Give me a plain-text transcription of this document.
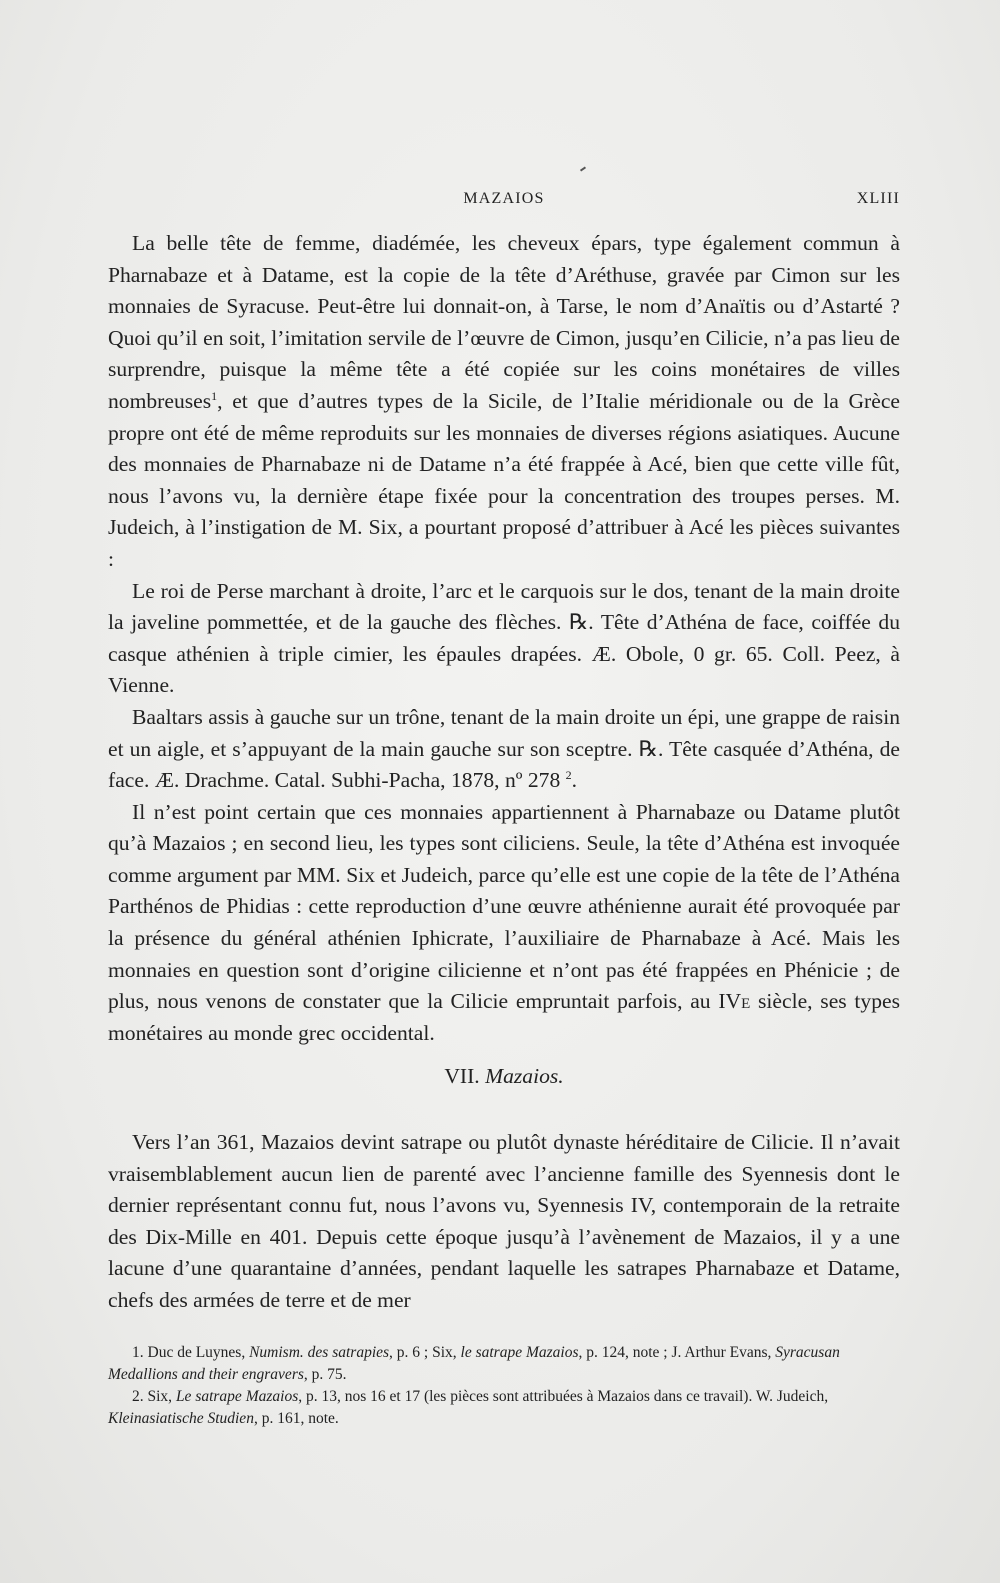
MAZAIOS	XLIII

La belle tête de femme, diadémée, les cheveux épars, type également commun à Pharnabaze et à Datame, est la copie de la tête d’Aréthuse, gravée par Cimon sur les monnaies de Syracuse. Peut-être lui donnait-on, à Tarse, le nom d’Anaïtis ou d’Astarté ? Quoi qu’il en soit, l’imitation servile de l’œuvre de Cimon, jusqu’en Cilicie, n’a pas lieu de surprendre, puisque la même tête a été copiée sur les coins monétaires de villes nombreuses$^1$, et que d’autres types de la Sicile, de l’Italie méridionale ou de la Grèce propre ont été de même reproduits sur les monnaies de diverses régions asiatiques. Aucune des monnaies de Pharnabaze ni de Datame n’a été frappée à Acé, bien que cette ville fût, nous l’avons vu, la dernière étape fixée pour la concentration des troupes perses. M. Judeich, à l’instigation de M. Six, a pourtant proposé d’attribuer à Acé les pièces suivantes :

Le roi de Perse marchant à droite, l’arc et le carquois sur le dos, tenant de la main droite la javeline pommettée, et de la gauche des flèches. ℞. Tête d’Athéna de face, coiffée du casque athénien à triple cimier, les épaules drapées. Æ. Obole, 0 gr. 65. Coll. Peez, à Vienne.

Baaltars assis à gauche sur un trône, tenant de la main droite un épi, une grappe de raisin et un aigle, et s’appuyant de la main gauche sur son sceptre. ℞. Tête casquée d’Athéna, de face. Æ. Drachme. Catal. Subhi-Pacha, 1878, nº 278 $^2$.

Il n’est point certain que ces monnaies appartiennent à Pharnabaze ou Datame plutôt qu’à Mazaios ; en second lieu, les types sont ciliciens. Seule, la tête d’Athéna est invoquée comme argument par MM. Six et Judeich, parce qu’elle est une copie de la tête de l’Athéna Parthénos de Phidias : cette reproduction d’une œuvre athénienne aurait été provoquée par la présence du général athénien Iphicrate, l’auxiliaire de Pharnabaze à Acé. Mais les monnaies en question sont d’origine cilicienne et n’ont pas été frappées en Phénicie ; de plus, nous venons de constater que la Cilicie empruntait parfois, au IVe siècle, ses types monétaires au monde grec occidental.

VII. Mazaios.

Vers l’an 361, Mazaios devint satrape ou plutôt dynaste héréditaire de Cilicie. Il n’avait vraisemblablement aucun lien de parenté avec l’ancienne famille des Syennesis dont le dernier représentant connu fut, nous l’avons vu, Syennesis IV, contemporain de la retraite des Dix-Mille en 401. Depuis cette époque jusqu’à l’avènement de Mazaios, il y a une lacune d’une quarantaine d’années, pendant laquelle les satrapes Pharnabaze et Datame, chefs des armées de terre et de mer

1. Duc de Luynes, Numism. des satrapies, p. 6 ; Six, le satrape Mazaios, p. 124, note ; J. Arthur Evans, Syracusan Medallions and their engravers, p. 75.

2. Six, Le satrape Mazaios, p. 13, nos 16 et 17 (les pièces sont attribuées à Mazaios dans ce travail). W. Judeich, Kleinasiatische Studien, p. 161, note.
